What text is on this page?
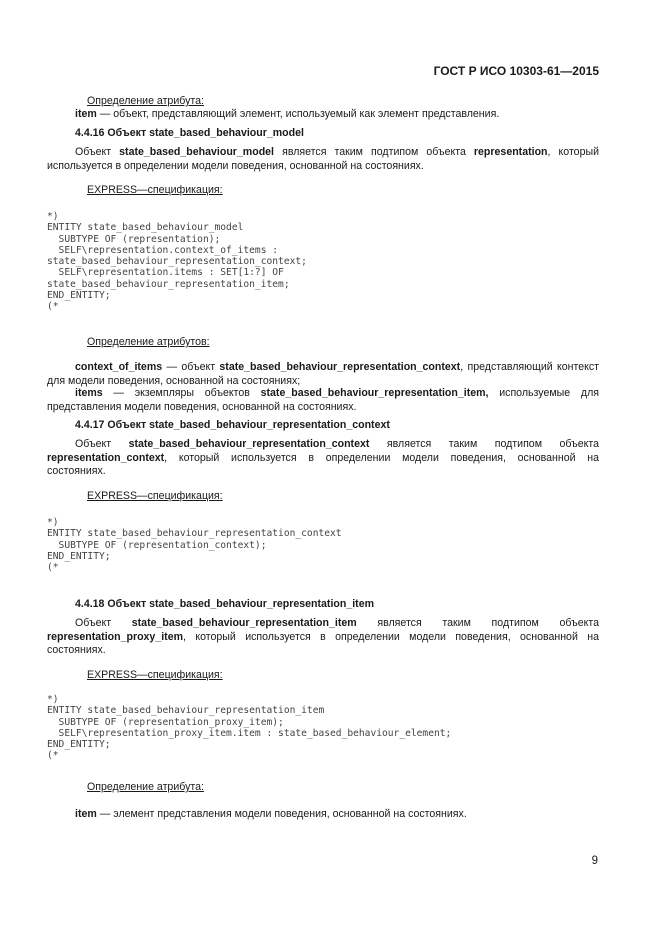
ГОСТ Р ИСО 10303-61—2015
Определение атрибута:
item — объект, представляющий элемент, используемый как элемент представления.
4.4.16 Объект state_based_behaviour_model

Объект state_based_behaviour_model является таким подтипом объекта representation, который используется в определении модели поведения, основанной на состояниях.

EXPRESS—спецификация:
*)
ENTITY state_based_behaviour_model
SUBTYPE OF (representation);
SELF\representation.context_of_items :
state_based_behaviour_representation_context;
SELF\representation.items : SET[1:?] OF
state_based_behaviour_representation_item;
END_ENTITY;
(*
Определение атрибутов:

context_of_items — объект state_based_behaviour_representation_context, представляющий контекст для модели поведения, основанной на состояниях;

items — экземпляры объектов state_based_behaviour_representation_item, используемые для представления модели поведения, основанной на состояниях.

4.4.17 Объект state_based_behaviour_representation_context

Объект state_based_behaviour_representation_context является таким подтипом объекта representation_context, который используется в определении модели поведения, основанной на состояниях.

EXPRESS—спецификация:
*)
ENTITY state_based_behaviour_representation_context
SUBTYPE OF (representation_context);
END_ENTITY;
(*
4.4.18 Объект state_based_behaviour_representation_item

Объект state_based_behaviour_representation_item является таким подтипом объекта representation_proxy_item, который используется в определении модели поведения, основанной на состояниях.

EXPRESS—спецификация:
*)
ENTITY state_based_behaviour_representation_item
SUBTYPE OF (representation_proxy_item);
SELF\representation_proxy_item.item : state_based_behaviour_element;
END_ENTITY;
(*
Определение атрибута:
item — элемент представления модели поведения, основанной на состояниях.
9
